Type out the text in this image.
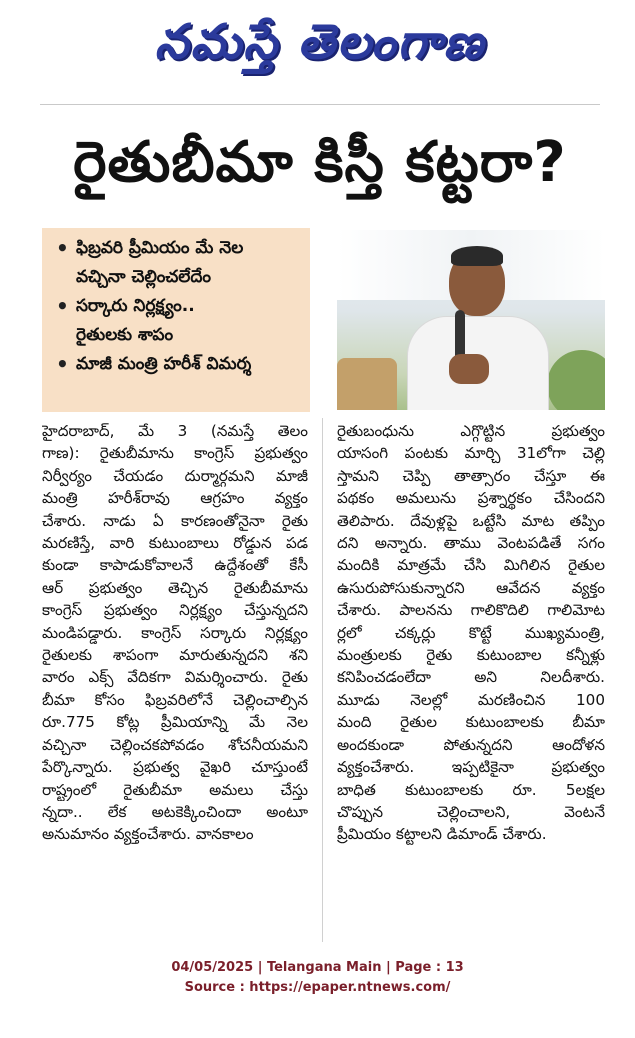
నమస్తే తెలంగాణ
రైతుబీమా కిస్తీ కట్టరా?
• ఫిబ్రవరి ప్రీమియం మే నెల
వచ్చినా చెల్లించలేదేం
• సర్కారు నిర్లక్ష్యం..
రైతులకు శాపం
• మాజీ మంత్రి హరీశ్ విమర్శ
హైదరాబాద్, మే 3 (నమస్తే తెలం
గాణ): రైతుబీమాను కాంగ్రెస్ ప్రభుత్వం
నిర్వీర్యం చేయడం దుర్మార్గమని మాజీ
మంత్రి హరీశ్‌రావు ఆగ్రహం వ్యక్తం
చేశారు. నాడు ఏ కారణంతోనైనా రైతు
మరణిస్తే, వారి కుటుంబాలు రోడ్డున పడ
కుండా కాపాడుకోవాలనే ఉద్దేశంతో కేసీ
ఆర్ ప్రభుత్వం తెచ్చిన రైతుబీమాను
కాంగ్రెస్ ప్రభుత్వం నిర్లక్ష్యం చేస్తున్నదని
మండిపడ్డారు. కాంగ్రెస్ సర్కారు నిర్లక్ష్యం
రైతులకు శాపంగా మారుతున్నదని శని
వారం ఎక్స్ వేదికగా విమర్శించారు. రైతు
బీమా కోసం ఫిబ్రవరిలోనే చెల్లించాల్సిన
రూ.775 కోట్ల ప్రీమియాన్ని మే నెల
వచ్చినా చెల్లించకపోవడం శోచనీయమని
పేర్కొన్నారు. ప్రభుత్వ వైఖరి చూస్తుంటే
రాష్ట్రంలో రైతుబీమా అమలు చేస్తు
న్నదా.. లేక అటకెక్కించిందా అంటూ
అనుమానం వ్యక్తంచేశారు. వానకాలం
రైతుబంధును ఎగ్గొట్టిన ప్రభుత్వం
యాసంగి పంటకు మార్చి 31లోగా చెల్లి
స్తామని చెప్పి తాత్సారం చేస్తూ ఈ
పథకం అమలును ప్రశ్నార్థకం చేసిందని
తెలిపారు. దేవుళ్లపై ఒట్టేసి మాట తప్పిం
దని అన్నారు. తాము వెంటపడితే సగం
మందికి మాత్రమే చేసి మిగిలిన రైతుల
ఉసురుపోసుకున్నారని ఆవేదన వ్యక్తం
చేశారు. పాలనను గాలికొదిలి గాలిమోట
ర్లలో చక్కర్లు కొట్టే ముఖ్యమంత్రి,
మంత్రులకు రైతు కుటుంబాల కన్నీళ్లు
కనిపించడంలేదా అని నిలదీశారు.
మూడు నెలల్లో మరణించిన 100
మంది రైతుల కుటుంబాలకు బీమా
అందకుండా పోతున్నదని ఆందోళన
వ్యక్తంచేశారు. ఇప్పటికైనా ప్రభుత్వం
బాధిత కుటుంబాలకు రూ. 5లక్షల
చొప్పున చెల్లించాలని, వెంటనే
ప్రీమియం కట్టాలని డిమాండ్ చేశారు.
04/05/2025 | Telangana Main | Page : 13
Source : https://epaper.ntnews.com/
